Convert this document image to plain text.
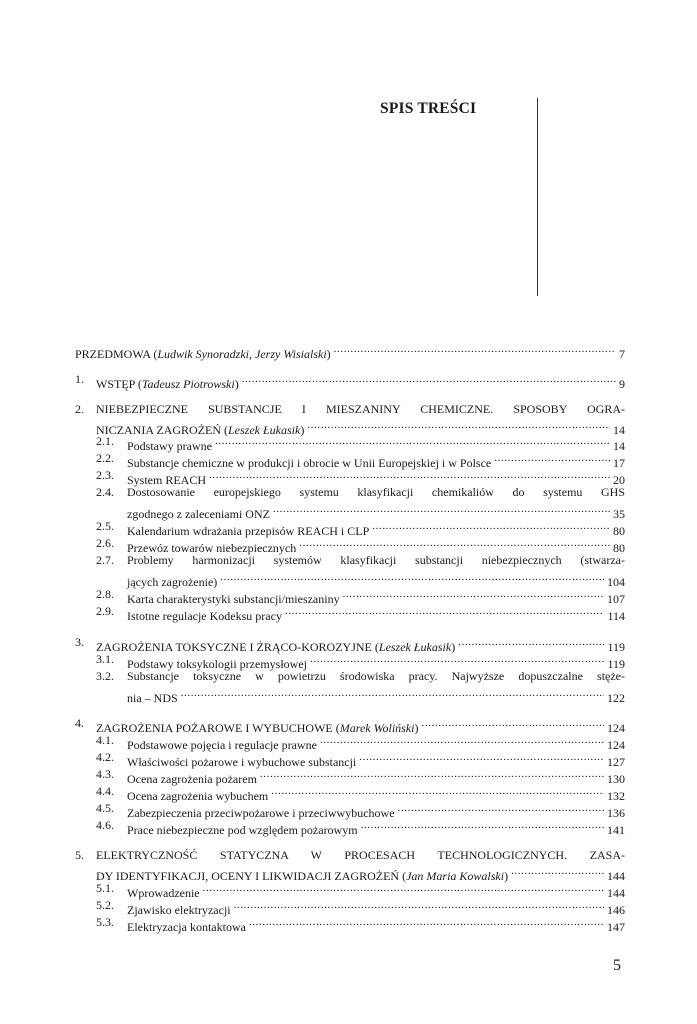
SPIS TREŚCI
PRZEDMOWA (Ludwik Synoradzki, Jerzy Wisialski) .....	7
1. WSTĘP (Tadeusz Piotrowski) .....	9
2. NIEBEZPIECZNE SUBSTANCJE I MIESZANINY CHEMICZNE. SPOSOBY OGRA-
NICZANIA ZAGROŻEŃ (Leszek Łukasik) .....	14
2.1. Podstawy prawne .....	14
2.2. Substancje chemiczne w produkcji i obrocie w Unii Europejskiej i w Polsce .....	17
2.3. System REACH .....	20
2.4. Dostosowanie europejskiego systemu klasyfikacji chemikaliów do systemu GHS
zgodnego z zaleceniami ONZ .....	35
2.5. Kalendarium wdrażania przepisów REACH i CLP .....	80
2.6. Przewóz towarów niebezpiecznych .....	80
2.7. Problemy harmonizacji systemów klasyfikacji substancji niebezpiecznych (stwarza-
jących zagrożenie) .....	104
2.8. Karta charakterystyki substancji/mieszaniny .....	107
2.9. Istotne regulacje Kodeksu pracy .....	114
3. ZAGROŻENIA TOKSYCZNE I ŻRĄCO-KOROZYJNE (Leszek Łukasik) .....	119
3.1. Podstawy toksykologii przemysłowej .....	119
3.2. Substancje toksyczne w powietrzu środowiska pracy. Najwyższe dopuszczalne stęże-
nia – NDS .....	122
4. ZAGROŻENIA POŻAROWE I WYBUCHOWE (Marek Woliński) .....	124
4.1. Podstawowe pojęcia i regulacje prawne .....	124
4.2. Właściwości pożarowe i wybuchowe substancji .....	127
4.3. Ocena zagrożenia pożarem .....	130
4.4. Ocena zagrożenia wybuchem .....	132
4.5. Zabezpieczenia przeciwpożarowe i przeciwwybuchowe .....	136
4.6. Prace niebezpieczne pod względem pożarowym .....	141
5. ELEKTRYCZNOŚĆ STATYCZNA W PROCESACH TECHNOLOGICZNYCH. ZASA-
DY IDENTYFIKACJI, OCENY I LIKWIDACJI ZAGROŻEŃ (Jan Maria Kowalski) .....	144
5.1. Wprowadzenie .....	144
5.2. Zjawisko elektryzacji .....	146
5.3. Elektryzacja kontaktowa .....	147
5
